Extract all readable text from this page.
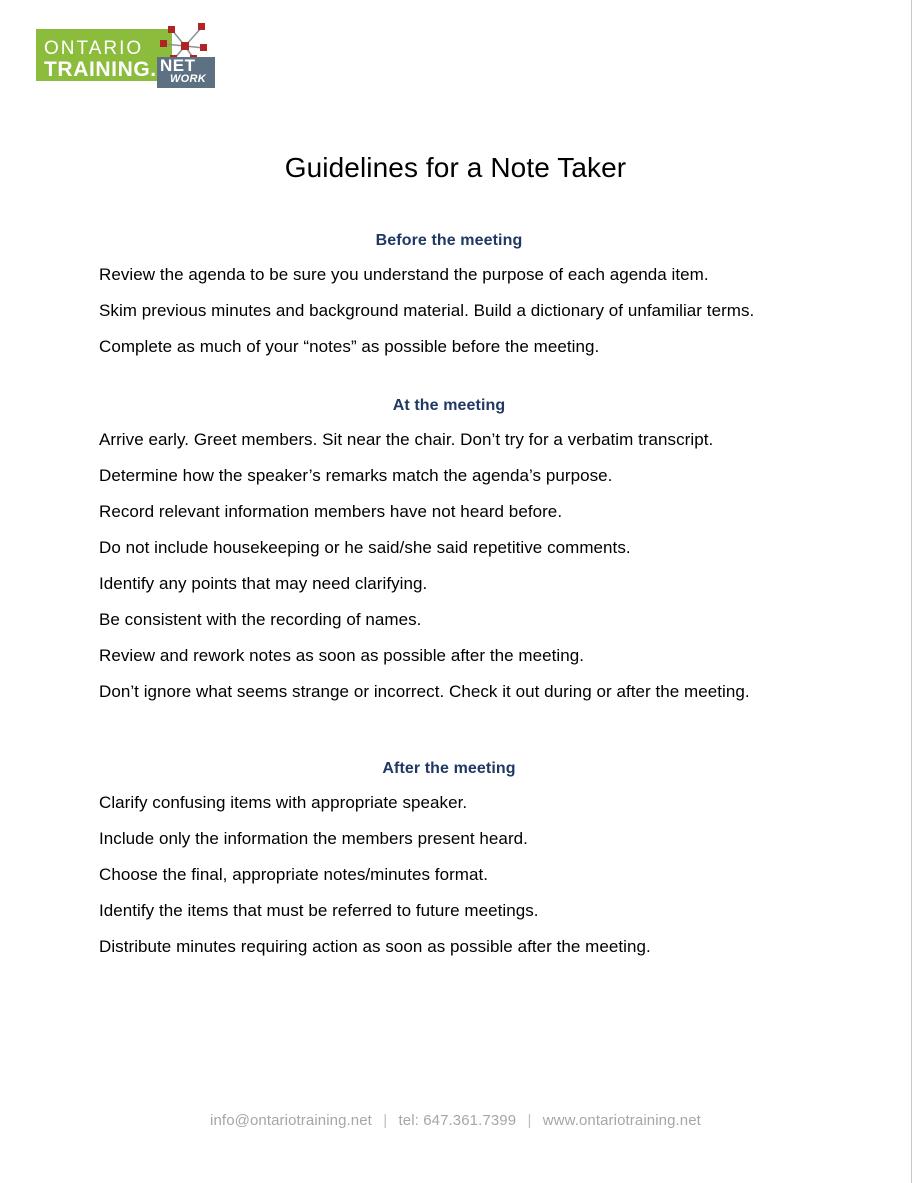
ONTARIO
TRAINING. NET
WORK
Guidelines for a Note Taker
Before the meeting

Review the agenda to be sure you understand the purpose of each agenda item.

Skim previous minutes and background material. Build a dictionary of unfamiliar terms.

Complete as much of your “notes” as possible before the meeting.

At the meeting

Arrive early. Greet members. Sit near the chair. Don’t try for a verbatim transcript.

Determine how the speaker’s remarks match the agenda’s purpose.

Record relevant information members have not heard before.

Do not include housekeeping or he said/she said repetitive comments.

Identify any points that may need clarifying.

Be consistent with the recording of names.

Review and rework notes as soon as possible after the meeting.

Don’t ignore what seems strange or incorrect. Check it out during or after the meeting.

After the meeting

Clarify confusing items with appropriate speaker.

Include only the information the members present heard.

Choose the final, appropriate notes/minutes format.

Identify the items that must be referred to future meetings.

Distribute minutes requiring action as soon as possible after the meeting.

info@ontariotraining.net | tel: 647.361.7399 | www.ontariotraining.net
